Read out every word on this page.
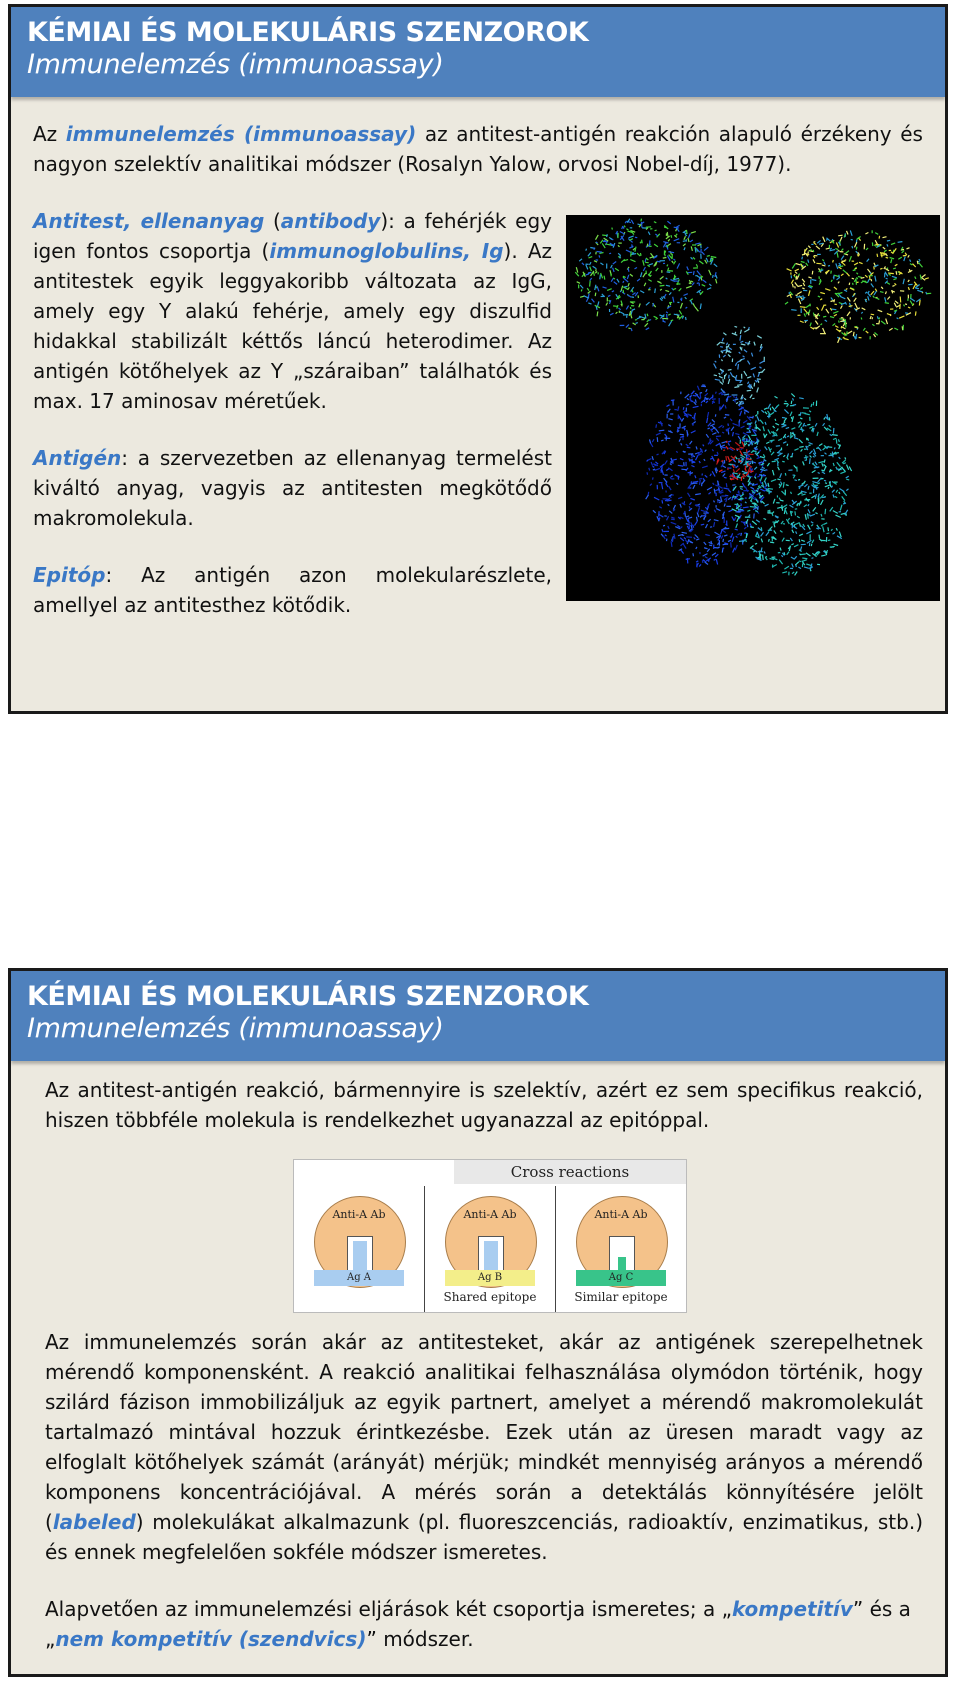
KÉMIAI ÉS MOLEKULÁRIS SZENZOROK
Immunelemzés (immunoassay)

Az immunelemzés (immunoassay) az antitest-antigén reakción alapuló érzékeny és nagyon szelektív analitikai módszer (Rosalyn Yalow, orvosi Nobel-díj, 1977).

Antitest, ellenanyag (antibody): a fehérjék egy igen fontos csoportja (immunoglobulins, Ig). Az antitestek egyik leggyakoribb változata az IgG, amely egy Y alakú fehérje, amely egy diszulfid hidakkal stabilizált kéttős láncú heterodimer. Az antigén kötőhelyek az Y „száraiban” találhatók és max. 17 aminosav méretűek.

Antigén: a szervezetben az ellenanyag termelést kiváltó anyag, vagyis az antitesten megkötődő makromolekula.

Epitóp: Az antigén azon molekularészlete, amellyel az antitesthez kötődik.

KÉMIAI ÉS MOLEKULÁRIS SZENZOROK
Immunelemzés (immunoassay)

Az antitest-antigén reakció, bármennyire is szelektív, azért ez sem specifikus reakció, hiszen többféle molekula is rendelkezhet ugyanazzal az epitóppal.

Cross reactions
Anti-A Ab
Ag A
Anti-A Ab
Ag B
Shared epitope
Anti-A Ab
Ag C
Similar epitope

Az immunelemzés során akár az antitesteket, akár az antigének szerepelhetnek mérendő komponensként. A reakció analitikai felhasználása olymódon történik, hogy szilárd fázison immobilizáljuk az egyik partnert, amelyet a mérendő makromolekulát tartalmazó mintával hozzuk érintkezésbe. Ezek után az üresen maradt vagy az elfoglalt kötőhelyek számát (arányát) mérjük; mindkét mennyiség arányos a mérendő komponens koncentrációjával. A mérés során a detektálás könnyítésére jelölt (labeled) molekulákat alkalmazunk (pl. fluoreszcenciás, radioaktív, enzimatikus, stb.) és ennek megfelelően sokféle módszer ismeretes.

Alapvetően az immunelemzési eljárások két csoportja ismeretes; a „kompetitív” és a „nem kompetitív (szendvics)” módszer.
